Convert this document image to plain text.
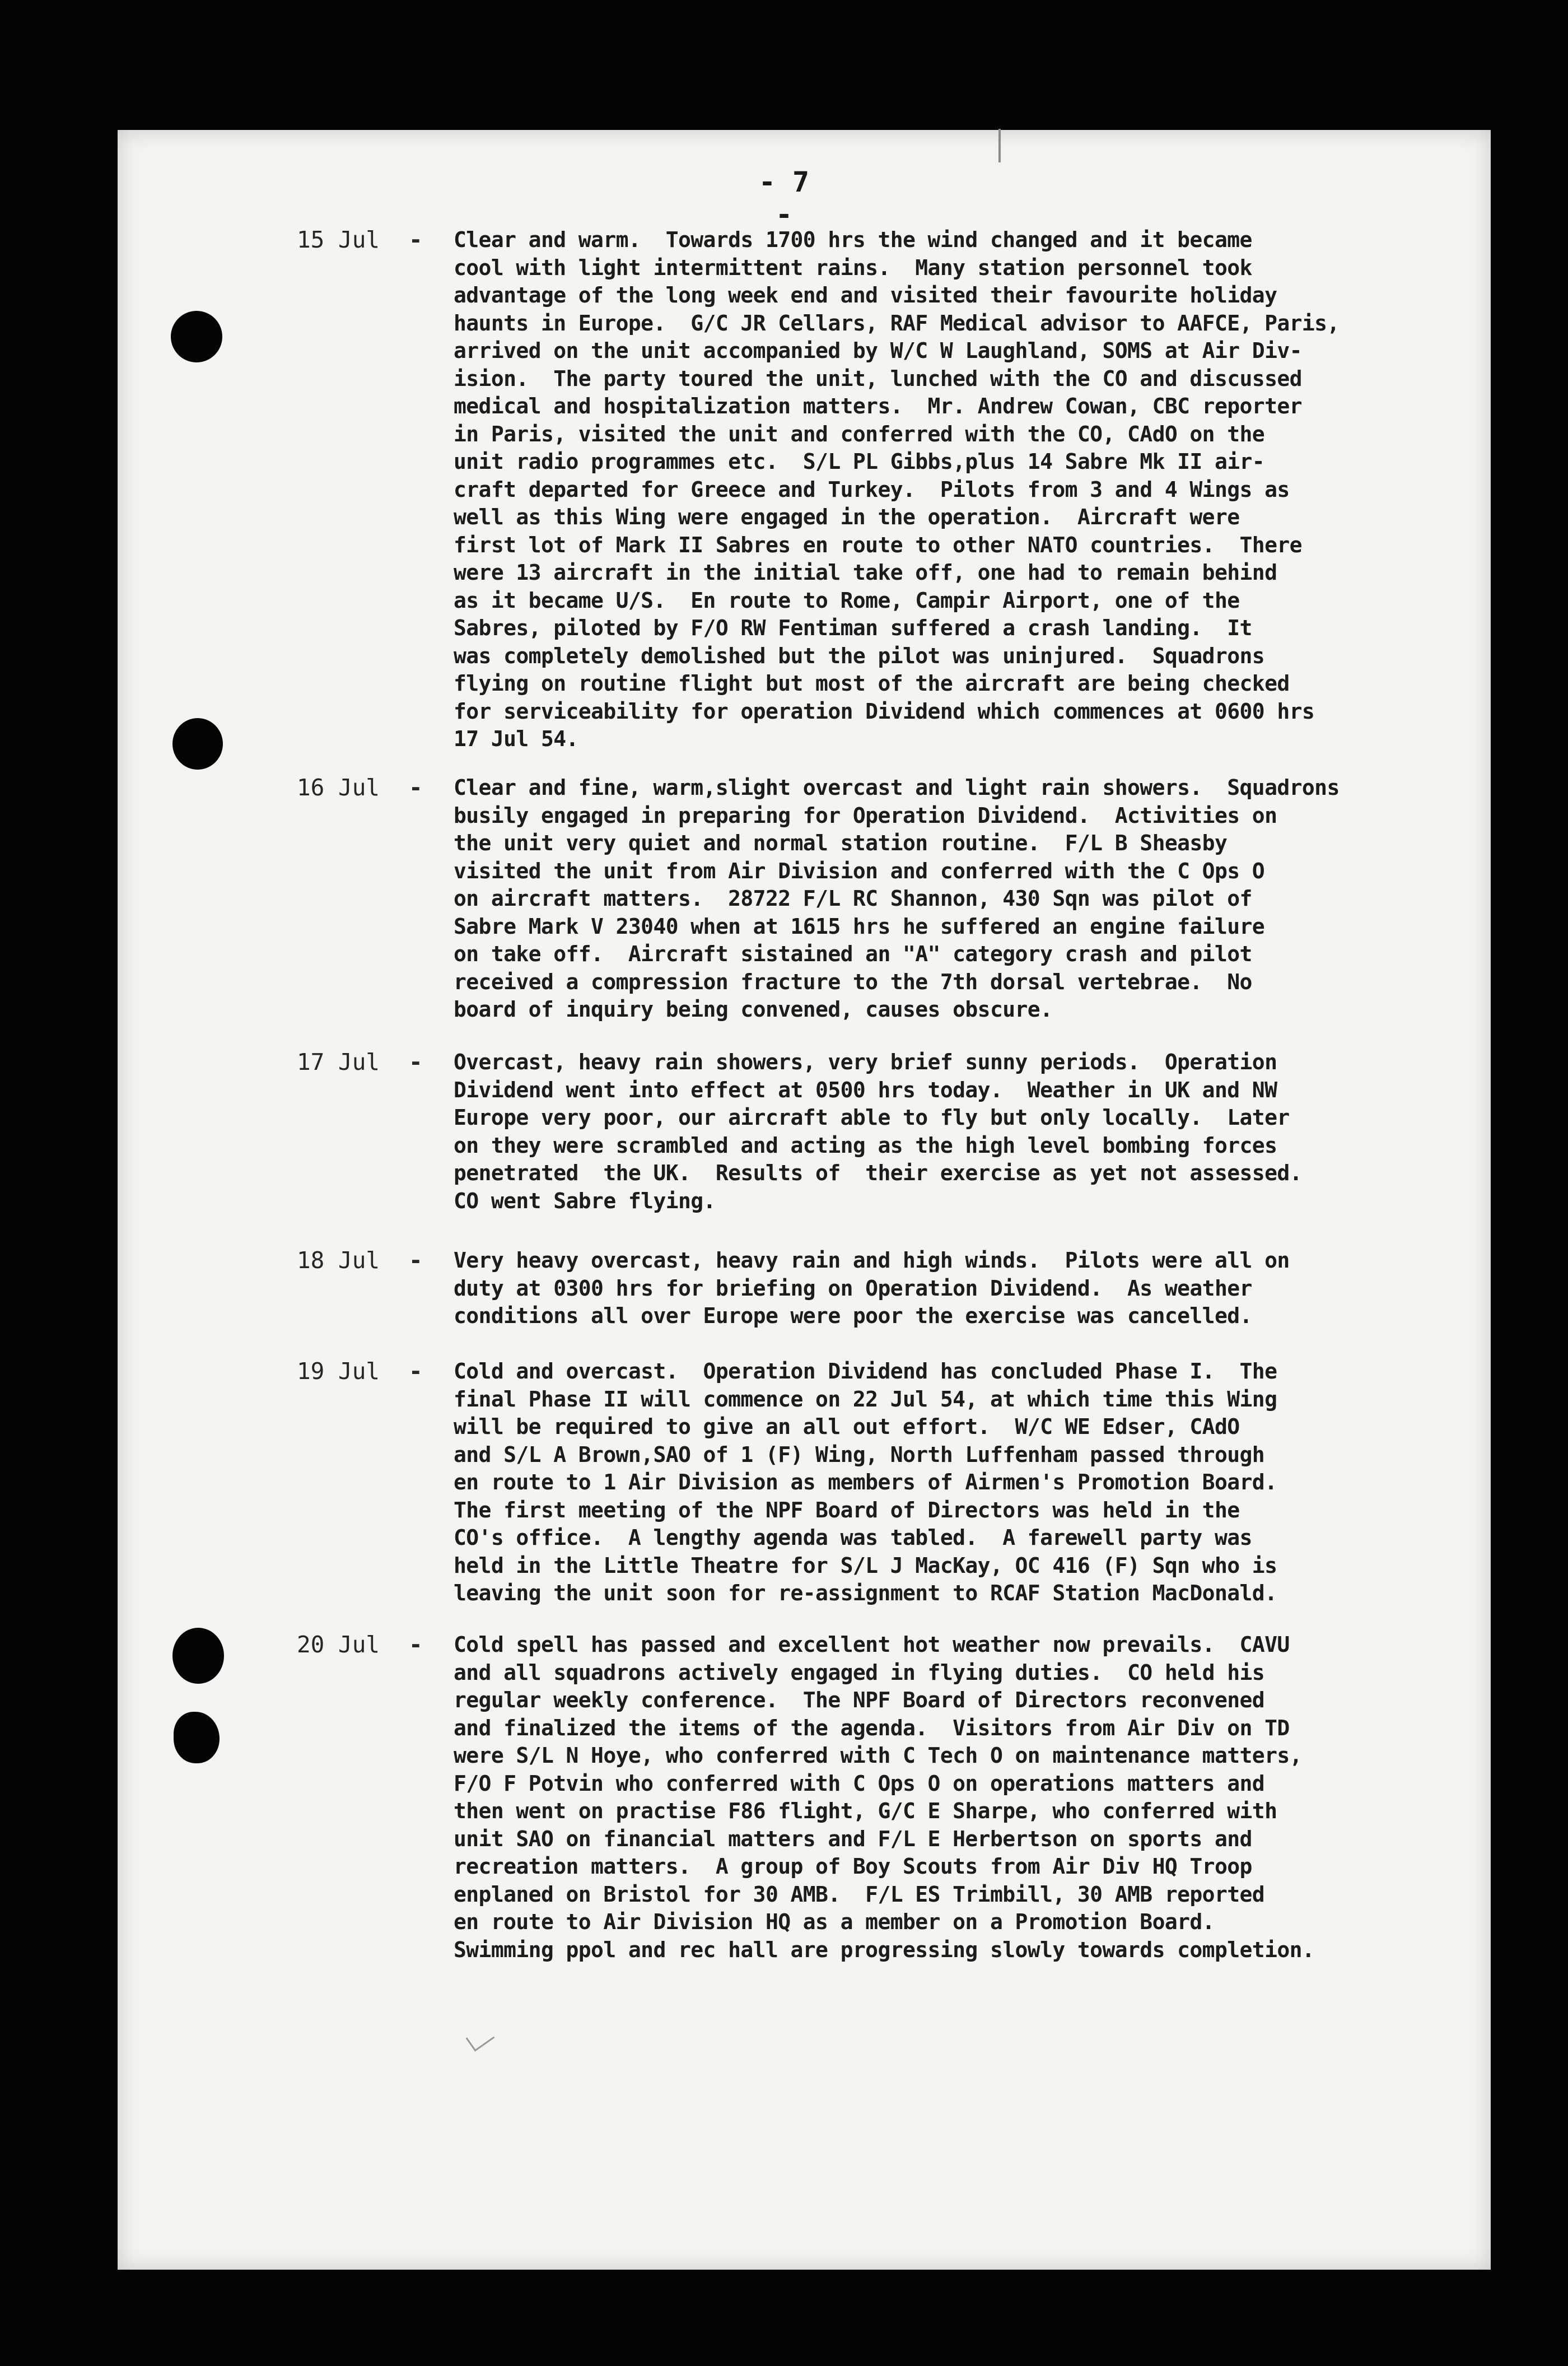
- 7 -
15 Jul	- Clear and warm.  Towards 1700 hrs the wind changed and it became
cool with light intermittent rains.  Many station personnel took
advantage of the long week end and visited their favourite holiday
haunts in Europe.  G/C JR Cellars, RAF Medical advisor to AAFCE, Paris,
arrived on the unit accompanied by W/C W Laughland, SOMS at Air Div-
ision.  The party toured the unit, lunched with the CO and discussed
medical and hospitalization matters.  Mr. Andrew Cowan, CBC reporter
in Paris, visited the unit and conferred with the CO, CAdO on the
unit radio programmes etc.  S/L PL Gibbs,plus 14 Sabre Mk II air-
craft departed for Greece and Turkey.  Pilots from 3 and 4 Wings as
well as this Wing were engaged in the operation.  Aircraft were
first lot of Mark II Sabres en route to other NATO countries.  There
were 13 aircraft in the initial take off, one had to remain behind
as it became U/S.  En route to Rome, Campir Airport, one of the
Sabres, piloted by F/O RW Fentiman suffered a crash landing.  It
was completely demolished but the pilot was uninjured.  Squadrons
flying on routine flight but most of the aircraft are being checked
for serviceability for operation Dividend which commences at 0600 hrs
17 Jul 54.
16 Jul	- Clear and fine, warm,slight overcast and light rain showers.  Squadrons
busily engaged in preparing for Operation Dividend.  Activities on
the unit very quiet and normal station routine.  F/L B Sheasby
visited the unit from Air Division and conferred with the C Ops O
on aircraft matters.  28722 F/L RC Shannon, 430 Sqn was pilot of
Sabre Mark V 23040 when at 1615 hrs he suffered an engine failure
on take off.  Aircraft sistained an "A" category crash and pilot
received a compression fracture to the 7th dorsal vertebrae.  No
board of inquiry being convened, causes obscure.
17 Jul	- Overcast, heavy rain showers, very brief sunny periods.  Operation
Dividend went into effect at 0500 hrs today.  Weather in UK and NW
Europe very poor, our aircraft able to fly but only locally.  Later
on they were scrambled and acting as the high level bombing forces
penetrated  the UK.  Results of  their exercise as yet not assessed.
CO went Sabre flying.
18 Jul	- Very heavy overcast, heavy rain and high winds.  Pilots were all on
duty at 0300 hrs for briefing on Operation Dividend.  As weather
conditions all over Europe were poor the exercise was cancelled.
19 Jul	- Cold and overcast.  Operation Dividend has concluded Phase I.  The
final Phase II will commence on 22 Jul 54, at which time this Wing
will be required to give an all out effort.  W/C WE Edser, CAdO
and S/L A Brown,SAO of 1 (F) Wing, North Luffenham passed through
en route to 1 Air Division as members of Airmen's Promotion Board.
The first meeting of the NPF Board of Directors was held in the
CO's office.  A lengthy agenda was tabled.  A farewell party was
held in the Little Theatre for S/L J MacKay, OC 416 (F) Sqn who is
leaving the unit soon for re-assignment to RCAF Station MacDonald.
20 Jul	- Cold spell has passed and excellent hot weather now prevails.  CAVU
and all squadrons actively engaged in flying duties.  CO held his
regular weekly conference.  The NPF Board of Directors reconvened
and finalized the items of the agenda.  Visitors from Air Div on TD
were S/L N Hoye, who conferred with C Tech O on maintenance matters,
F/O F Potvin who conferred with C Ops O on operations matters and
then went on practise F86 flight, G/C E Sharpe, who conferred with
unit SAO on financial matters and F/L E Herbertson on sports and
recreation matters.  A group of Boy Scouts from Air Div HQ Troop
enplaned on Bristol for 30 AMB.  F/L ES Trimbill, 30 AMB reported
en route to Air Division HQ as a member on a Promotion Board.
Swimming ppol and rec hall are progressing slowly towards completion.
